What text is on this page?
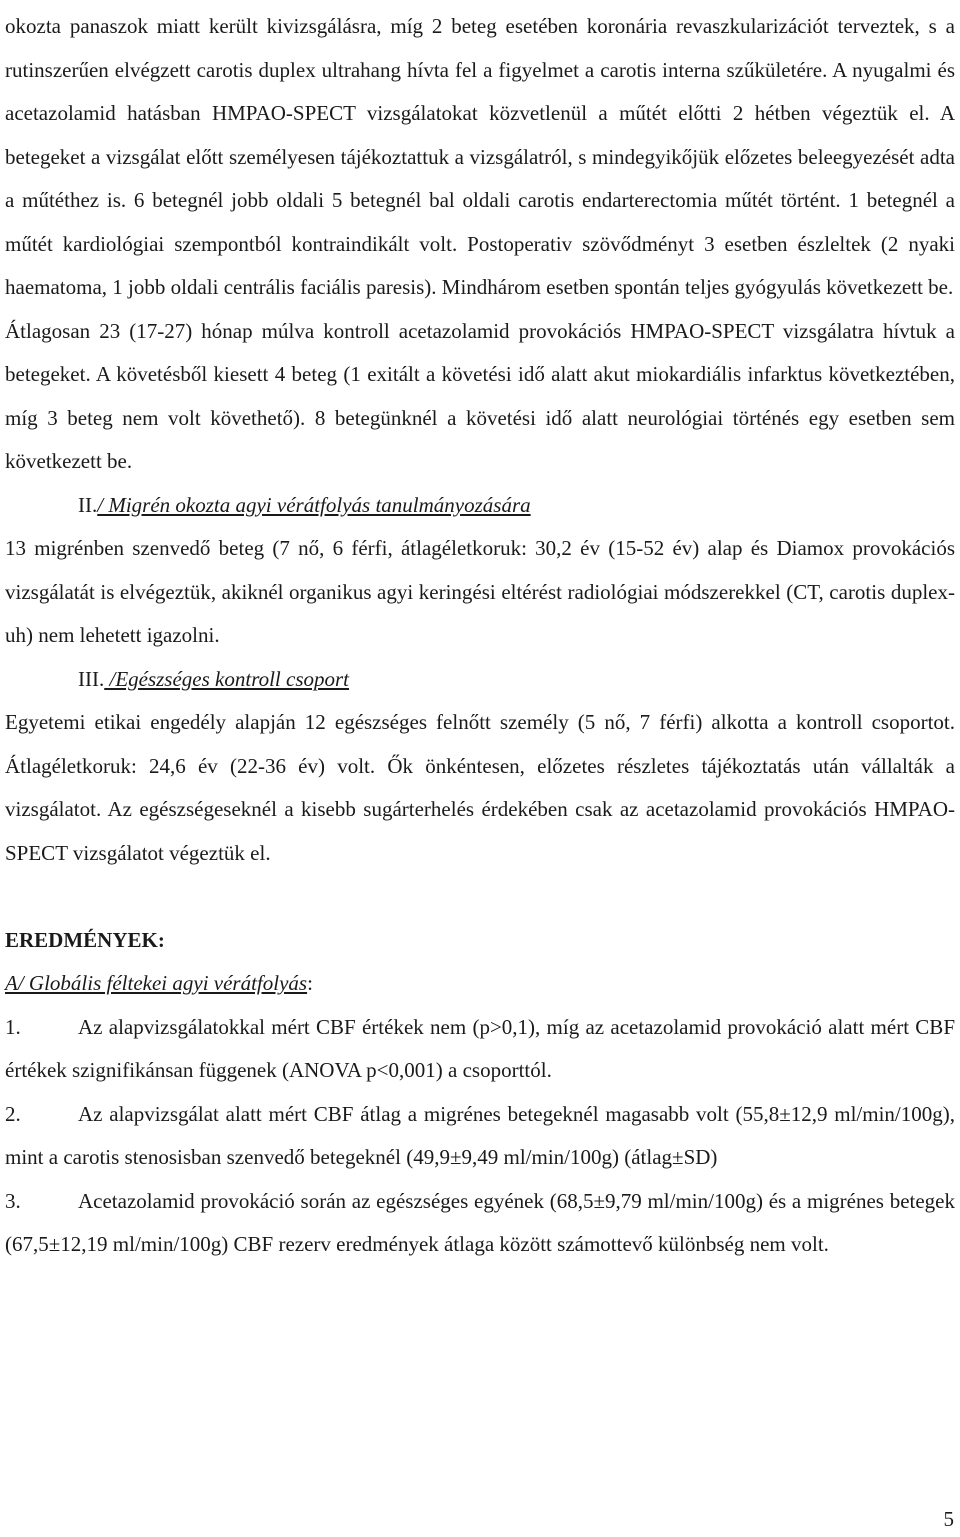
okozta panaszok miatt került kivizsgálásra, míg 2 beteg esetében koronária revaszkularizációt terveztek, s a rutinszerűen elvégzett carotis duplex ultrahang hívta fel a figyelmet a carotis interna szűkületére. A nyugalmi és acetazolamid hatásban HMPAO-SPECT vizsgálatokat közvetlenül a műtét előtti 2 hétben végeztük el. A betegeket a vizsgálat előtt személyesen tájékoztattuk a vizsgálatról, s mindegyikőjük előzetes beleegyezését adta a műtéthez is. 6 betegnél jobb oldali 5 betegnél bal oldali carotis endarterectomia műtét történt. 1 betegnél a műtét kardiológiai szempontból kontraindikált volt. Postoperativ szövődményt 3 esetben észleltek (2 nyaki haematoma, 1 jobb oldali centrális faciális paresis). Mindhárom esetben spontán teljes gyógyulás következett be.

Átlagosan 23 (17-27) hónap múlva kontroll acetazolamid provokációs HMPAO-SPECT vizsgálatra hívtuk a betegeket. A követésből kiesett 4 beteg (1 exitált a követési idő alatt akut miokardiális infarktus következtében, míg 3 beteg nem volt követhető). 8 betegünknél a követési idő alatt neurológiai történés egy esetben sem következett be.

II./ Migrén okozta agyi vérátfolyás tanulmányozására

13 migrénben szenvedő beteg (7 nő, 6 férfi, átlagéletkoruk: 30,2 év (15-52 év) alap és Diamox provokációs vizsgálatát is elvégeztük, akiknél organikus agyi keringési eltérést radiológiai módszerekkel (CT, carotis duplex-uh) nem lehetett igazolni.

III. /Egészséges kontroll csoport

Egyetemi etikai engedély alapján 12 egészséges felnőtt személy (5 nő, 7 férfi) alkotta a kontroll csoportot. Átlagéletkoruk: 24,6 év (22-36 év) volt. Ők önkéntesen, előzetes részletes tájékoztatás után vállalták a vizsgálatot. Az egészségeseknél a kisebb sugárterhelés érdekében csak az acetazolamid provokációs HMPAO-SPECT vizsgálatot végeztük el.

EREDMÉNYEK:

A/ Globális féltekei agyi vérátfolyás:

1.	Az alapvizsgálatokkal mért CBF értékek nem (p>0,1), míg az acetazolamid provokáció alatt mért CBF értékek szignifikánsan függenek (ANOVA p<0,001) a csoporttól.

2.	Az alapvizsgálat alatt mért CBF átlag a migrénes betegeknél magasabb volt (55,8±12,9 ml/min/100g), mint a carotis stenosisban szenvedő betegeknél (49,9±9,49 ml/min/100g) (átlag±SD)

3.	Acetazolamid provokáció során az egészséges egyének (68,5±9,79 ml/min/100g) és a migrénes betegek (67,5±12,19 ml/min/100g) CBF rezerv eredmények átlaga között számottevő különbség nem volt.

5
